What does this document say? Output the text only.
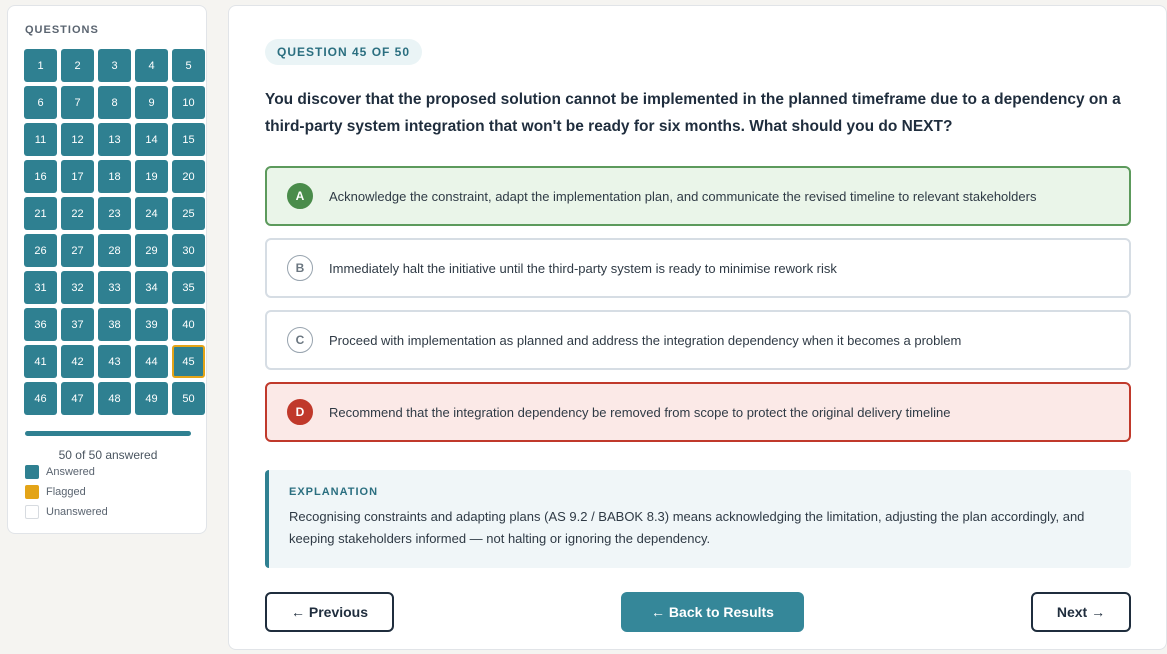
QUESTIONS
1	2	3	4	5
6	7	8	9	10
11	12	13	14	15
16	17	18	19	20
21	22	23	24	25
26	27	28	29	30
31	32	33	34	35
36	37	38	39	40
41	42	43	44	45
46	47	48	49	50
50 of 50 answered
Answered
Flagged
Unanswered
QUESTION 45 OF 50
You discover that the proposed solution cannot be implemented in the planned timeframe due to a dependency on a third-party system integration that won't be ready for six months. What should you do NEXT?
A	Acknowledge the constraint, adapt the implementation plan, and communicate the revised timeline to relevant stakeholders
B	Immediately halt the initiative until the third-party system is ready to minimise rework risk
C	Proceed with implementation as planned and address the integration dependency when it becomes a problem
D	Recommend that the integration dependency be removed from scope to protect the original delivery timeline
EXPLANATION
Recognising constraints and adapting plans (AS 9.2 / BABOK 8.3) means acknowledging the limitation, adjusting the plan accordingly, and keeping stakeholders informed — not halting or ignoring the dependency.
← Previous	← Back to Results	Next →
